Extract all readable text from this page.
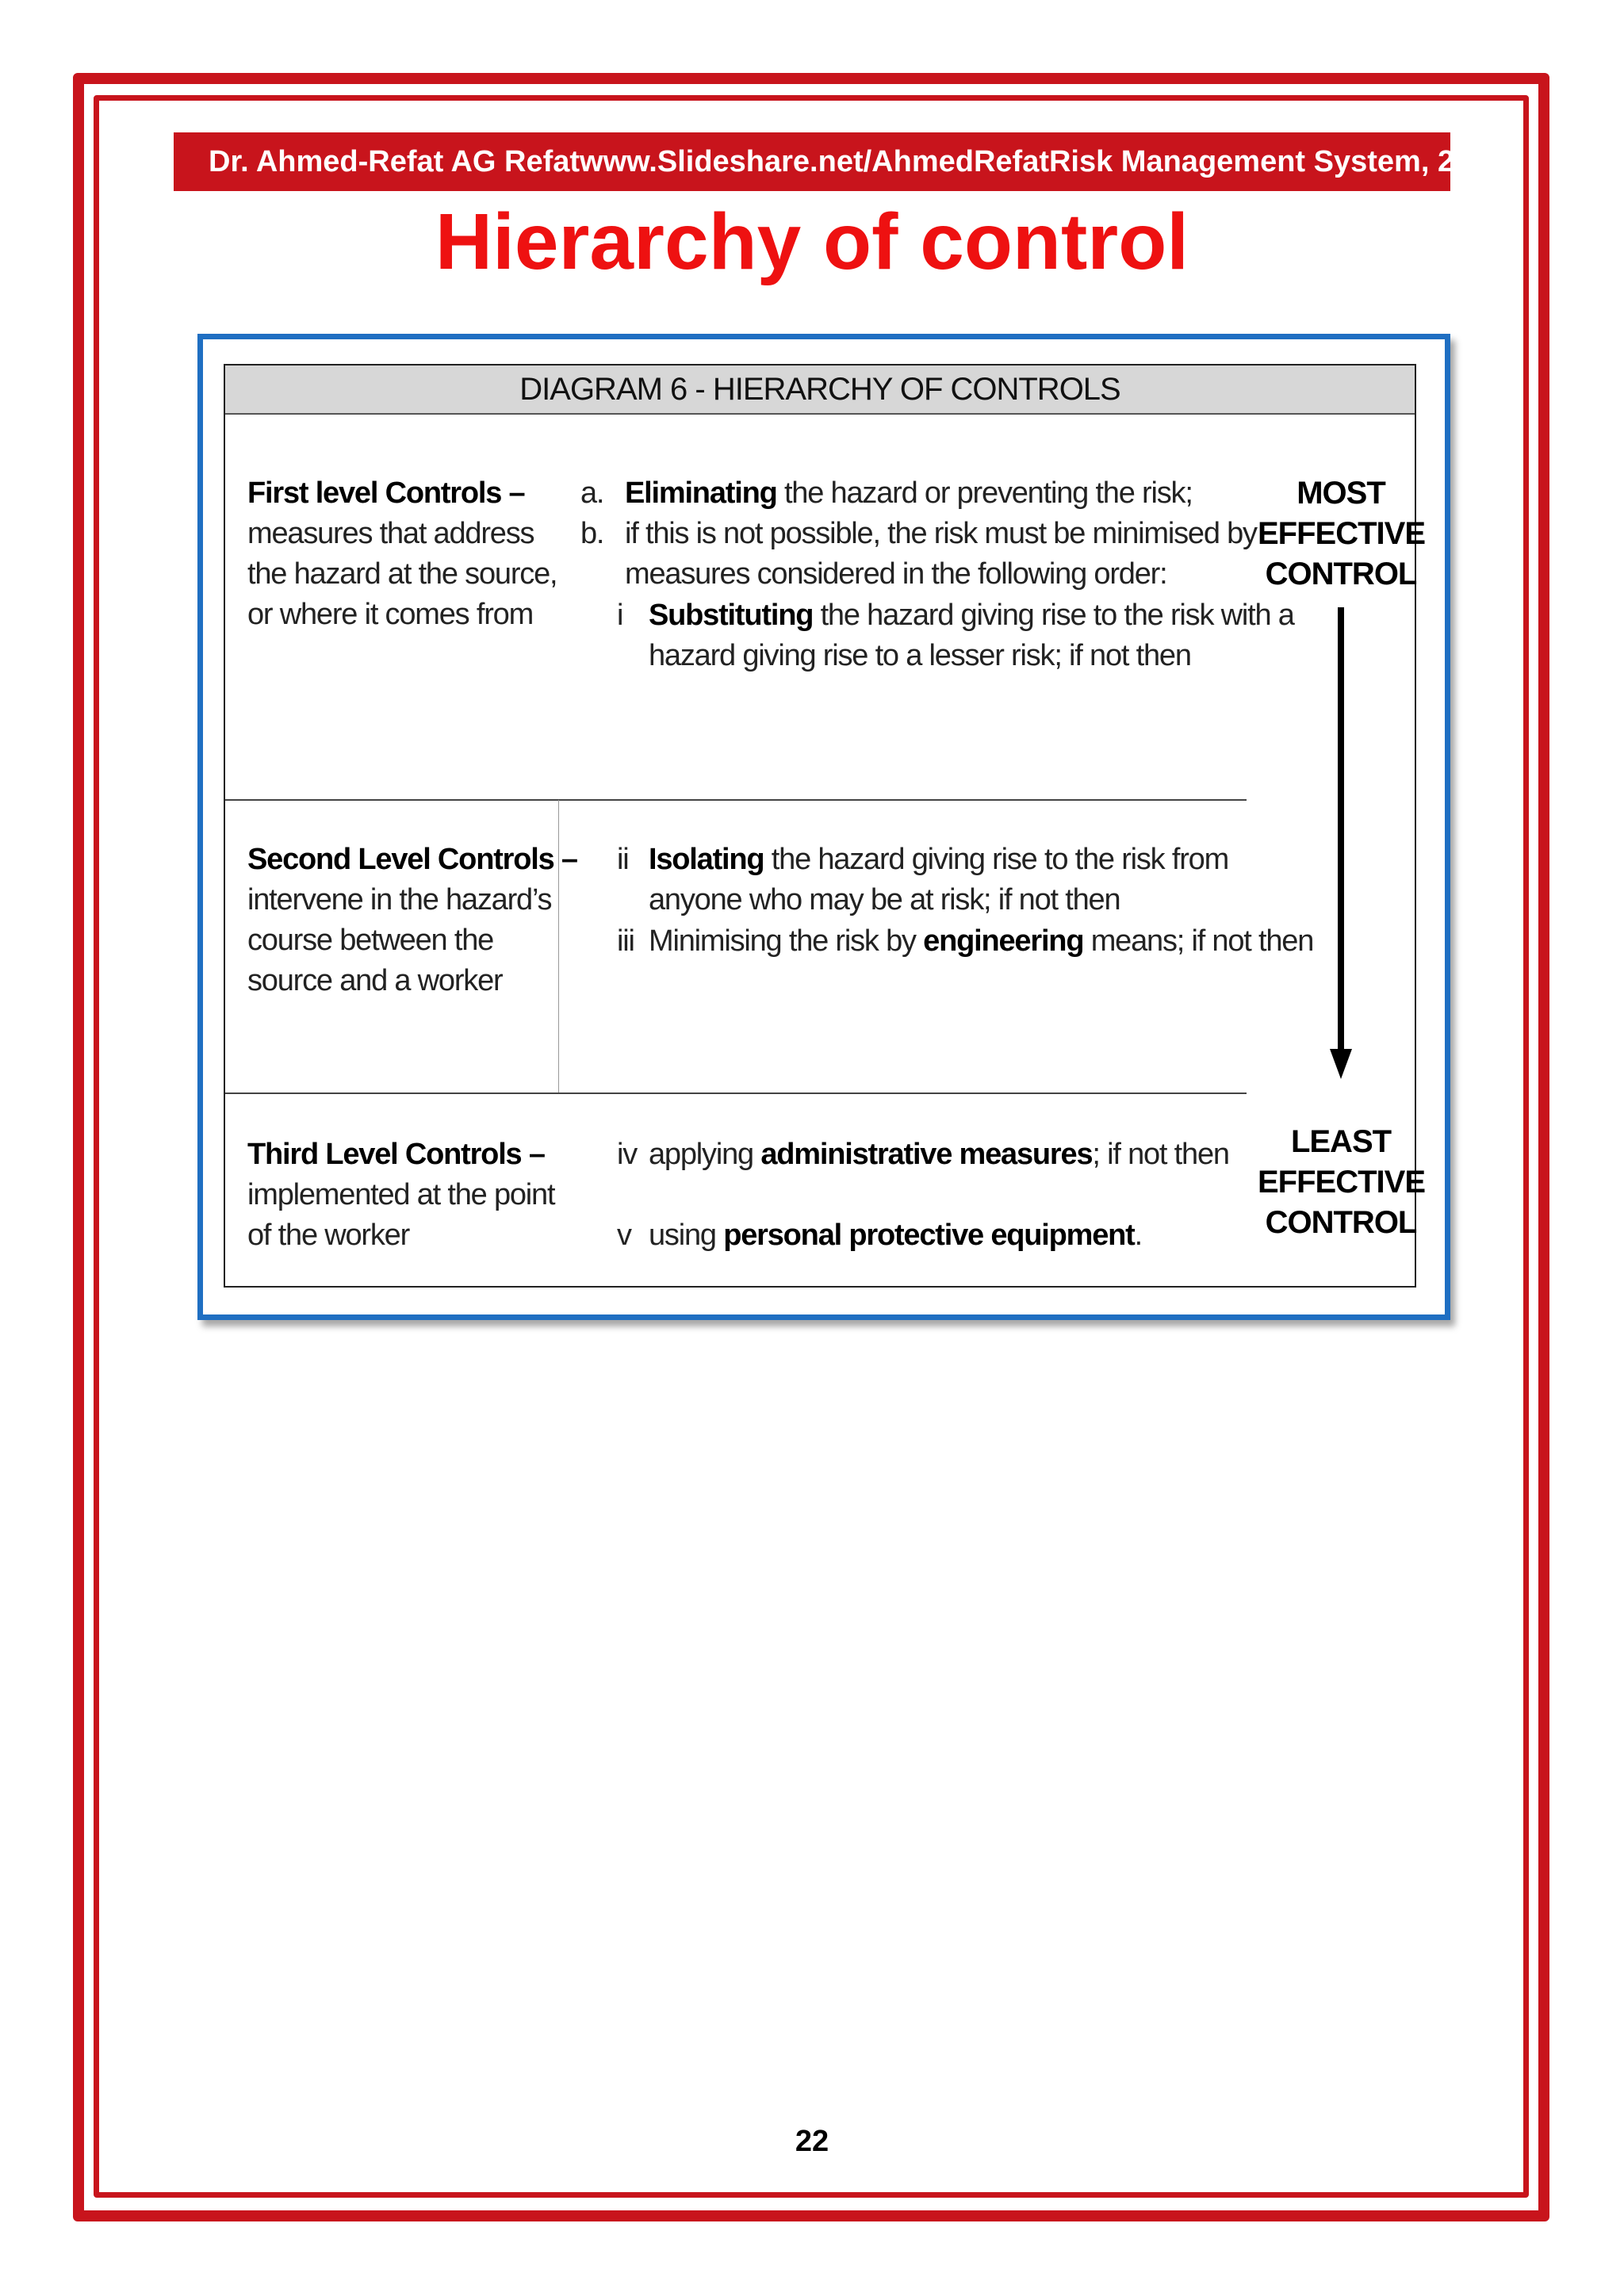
Dr. Ahmed-Refat AG Refat www.Slideshare.net/AhmedRefat Risk Management System, 2012
Hierarchy of control
DIAGRAM 6 - HIERARCHY OF CONTROLS
First level Controls –
measures that address
the hazard at the source,
or where it comes from
a. Eliminating the hazard or preventing the risk;
b. if this is not possible, the risk must be minimised by
measures considered in the following order:
i Substituting the hazard giving rise to the risk with a
hazard giving rise to a lesser risk; if not then
Second Level Controls –
intervene in the hazard’s
course between the
source and a worker
ii Isolating the hazard giving rise to the risk from
anyone who may be at risk; if not then
iii Minimising the risk by engineering means; if not then
Third Level Controls –
implemented at the point
of the worker
iv applying administrative measures; if not then
v using personal protective equipment.
MOST
EFFECTIVE
CONTROL
LEAST
EFFECTIVE
CONTROL
22
